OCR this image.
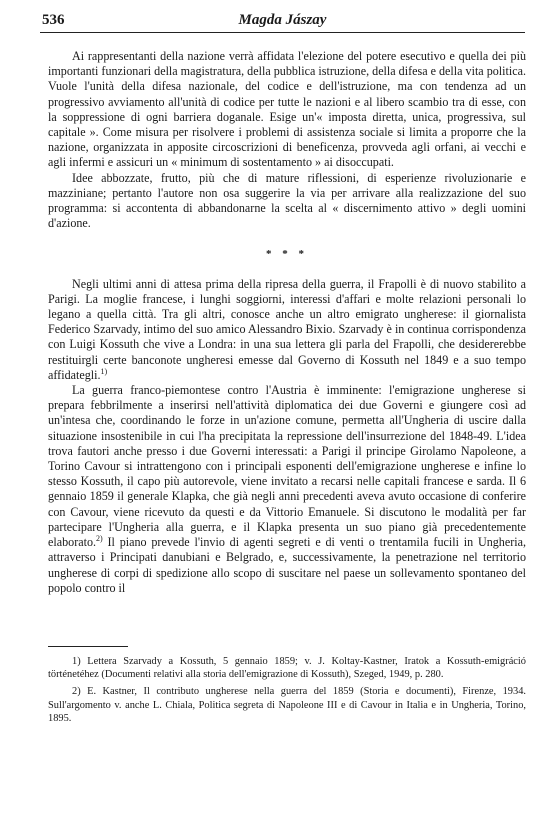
536	Magda Jászay

Ai rappresentanti della nazione verrà affidata l'elezione del potere esecutivo e quella dei più importanti funzionari della magistratura, della pubblica istruzione, della difesa e della vita politica. Vuole l'unità della difesa nazionale, del codice e dell'istruzione, ma con tendenza ad un progressivo avviamento all'unità di codice per tutte le nazioni e al libero scambio tra di esse, con la soppressione di ogni barriera doganale. Esige un'« imposta diretta, unica, progressiva, sul capitale ». Come misura per risolvere i problemi di assistenza sociale si limita a proporre che la nazione, organizzata in apposite circoscrizioni di beneficenza, provveda agli orfani, ai vecchi e agli infermi e assicuri un « minimum di sostentamento » ai disoccupati.

Idee abbozzate, frutto, più che di mature riflessioni, di esperienze rivoluzionarie e mazziniane; pertanto l'autore non osa suggerire la via per arrivare alla realizzazione del suo programma: si accontenta di abbandonarne la scelta al « discernimento attivo » degli uomini d'azione.

* * *

Negli ultimi anni di attesa prima della ripresa della guerra, il Frapolli è di nuovo stabilito a Parigi. La moglie francese, i lunghi soggiorni, interessi d'affari e molte relazioni personali lo legano a quella città. Tra gli altri, conosce anche un altro emigrato ungherese: il giornalista Federico Szarvady, intimo del suo amico Alessandro Bixio. Szarvady è in continua corrispondenza con Luigi Kossuth che vive a Londra: in una sua lettera gli parla del Frapolli, che desidererebbe restituirgli certe banconote ungheresi emesse dal Governo di Kossuth nel 1849 e a suo tempo affidategli.$^{1)}$

La guerra franco-piemontese contro l'Austria è imminente: l'emigrazione ungherese si prepara febbrilmente a inserirsi nell'attività diplomatica dei due Governi e giungere così ad un'intesa che, coordinando le forze in un'azione comune, permetta all'Ungheria di uscire dalla situazione insostenibile in cui l'ha precipitata la repressione dell'insurrezione del 1848-49. L'idea trova fautori anche presso i due Governi interessati: a Parigi il principe Girolamo Napoleone, a Torino Cavour si intrattengono con i principali esponenti dell'emigrazione ungherese e infine lo stesso Kossuth, il capo più autorevole, viene invitato a recarsi nelle capitali francese e sarda. Il 6 gennaio 1859 il generale Klapka, che già negli anni precedenti aveva avuto occasione di conferire con Cavour, viene ricevuto da questi e da Vittorio Emanuele. Si discutono le modalità per far partecipare l'Ungheria alla guerra, e il Klapka presenta un suo piano già precedentemente elaborato.$^{2)}$ Il piano prevede l'invio di agenti segreti e di venti o trentamila fucili in Ungheria, attraverso i Principati danubiani e Belgrado, e, successivamente, la penetrazione nel territorio ungherese di corpi di spedizione allo scopo di suscitare nel paese un sollevamento spontaneo del popolo contro il

1) Lettera Szarvady a Kossuth, 5 gennaio 1859; v. J. Koltay-Kastner, Iratok a Kossuth-emigráció történetéhez (Documenti relativi alla storia dell'emigrazione di Kossuth), Szeged, 1949, p. 280.

2) E. Kastner, Il contributo ungherese nella guerra del 1859 (Storia e documenti), Firenze, 1934. Sull'argomento v. anche L. Chiala, Politica segreta di Napoleone III e di Cavour in Italia e in Ungheria, Torino, 1895.
